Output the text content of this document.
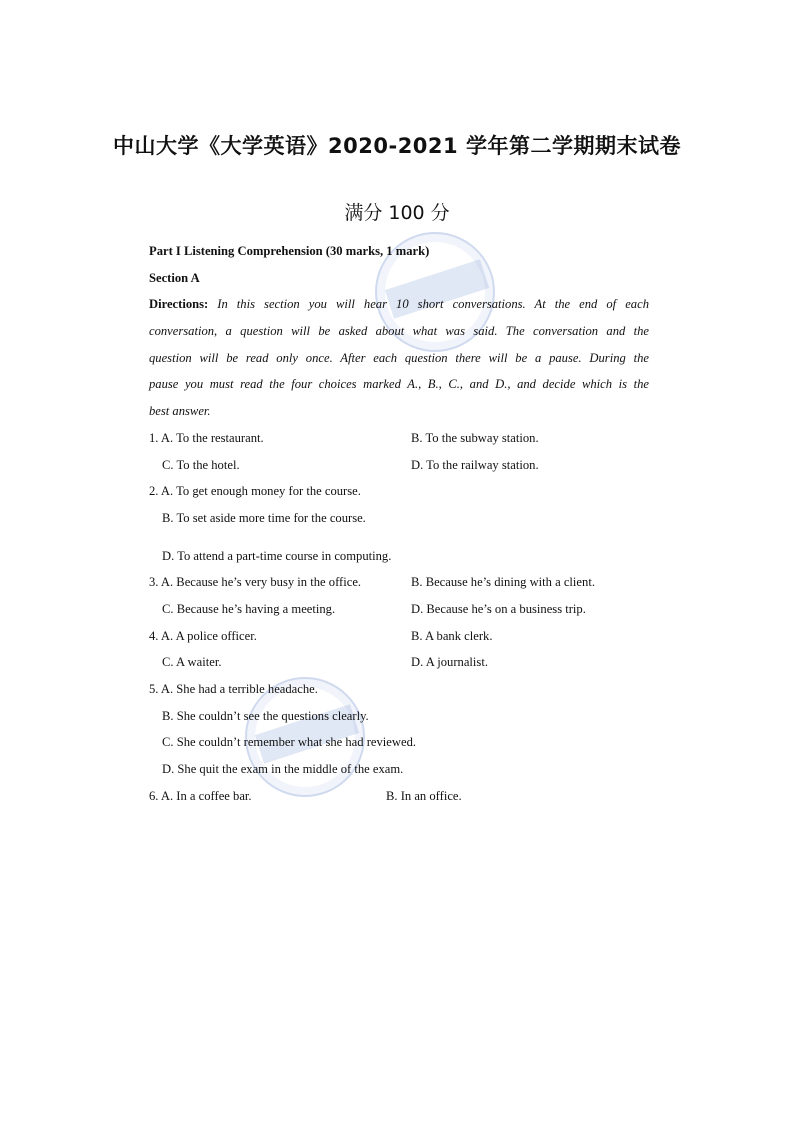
中山大学《大学英语》2020-2021 学年第二学期期末试卷
满分 100 分
Part I Listening Comprehension (30 marks, 1 mark)
Section A
Directions: In this section you will hear 10 short conversations. At the end of each
conversation, a question will be asked about what was said. The conversation and the
question will be read only once. After each question there will be a pause. During the
pause you must read the four choices marked A., B., C., and D., and decide which is the
best answer.
1. A. To the restaurant.	B. To the subway station.
C. To the hotel.	D. To the railway station.
2. A. To get enough money for the course.
B. To set aside more time for the course.
D. To attend a part-time course in computing.
3. A. Because he’s very busy in the office.	B. Because he’s dining with a client.
C. Because he’s having a meeting.	D. Because he’s on a business trip.
4. A. A police officer.	B. A bank clerk.
C. A waiter.	D. A journalist.
5. A. She had a terrible headache.
B. She couldn’t see the questions clearly.
C. She couldn’t remember what she had reviewed.
D. She quit the exam in the middle of the exam.
6. A. In a coffee bar.	B. In an office.
